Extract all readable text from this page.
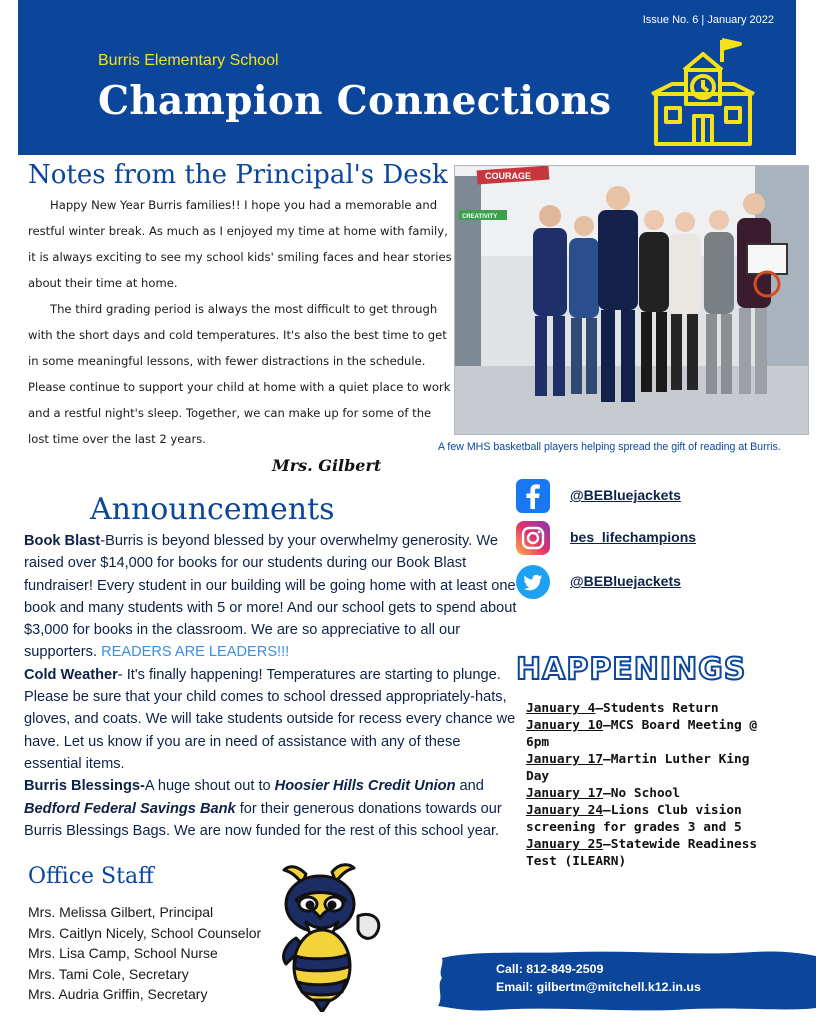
Issue No. 6 | January 2022
Burris Elementary School
Champion Connections
Notes from the Principal's Desk

Happy New Year Burris families!! I hope you had a memorable and restful winter break. As much as I enjoyed my time at home with family, it is always exciting to see my school kids' smiling faces and hear stories about their time at home.

The third grading period is always the most difficult to get through with the short days and cold temperatures. It's also the best time to get in some meaningful lessons, with fewer distractions in the schedule. Please continue to support your child at home with a quiet place to work and a restful night's sleep. Together, we can make up for some of the lost time over the last 2 years.

Mrs. Gilbert
COURAGE
CREATIVITY
A few MHS basketball players helping spread the gift of reading at Burris.
Announcements
Book Blast-Burris is beyond blessed by your overwhelmy generosity. We raised over $14,000 for books for our students during our Book Blast fundraiser! Every student in our building will be going home with at least one book and many students with 5 or more! And our school gets to spend about $3,000 for books in the classroom. We are so appreciative to all our supporters. READERS ARE LEADERS!!!
Cold Weather- It's finally happening! Temperatures are starting to plunge. Please be sure that your child comes to school dressed appropriately-hats, gloves, and coats. We will take students outside for recess every chance we have. Let us know if you are in need of assistance with any of these essential items.
Burris Blessings-A huge shout out to Hoosier Hills Credit Union and Bedford Federal Savings Bank for their generous donations towards our Burris Blessings Bags. We are now funded for the rest of this school year.
@BEBluejackets
bes_lifechampions
@BEBluejackets
HAPPENINGS
January 4—Students Return
January 10—MCS Board Meeting @ 6pm
January 17—Martin Luther King Day
January 17—No School
January 24—Lions Club vision screening for grades 3 and 5
January 25—Statewide Readiness Test (ILEARN)
Office Staff
Mrs. Melissa Gilbert, Principal
Mrs. Caitlyn Nicely, School Counselor
Mrs. Lisa Camp, School Nurse
Mrs. Tami Cole, Secretary
Mrs. Audria Griffin, Secretary
Call: 812-849-2509
Email: gilbertm@mitchell.k12.in.us
